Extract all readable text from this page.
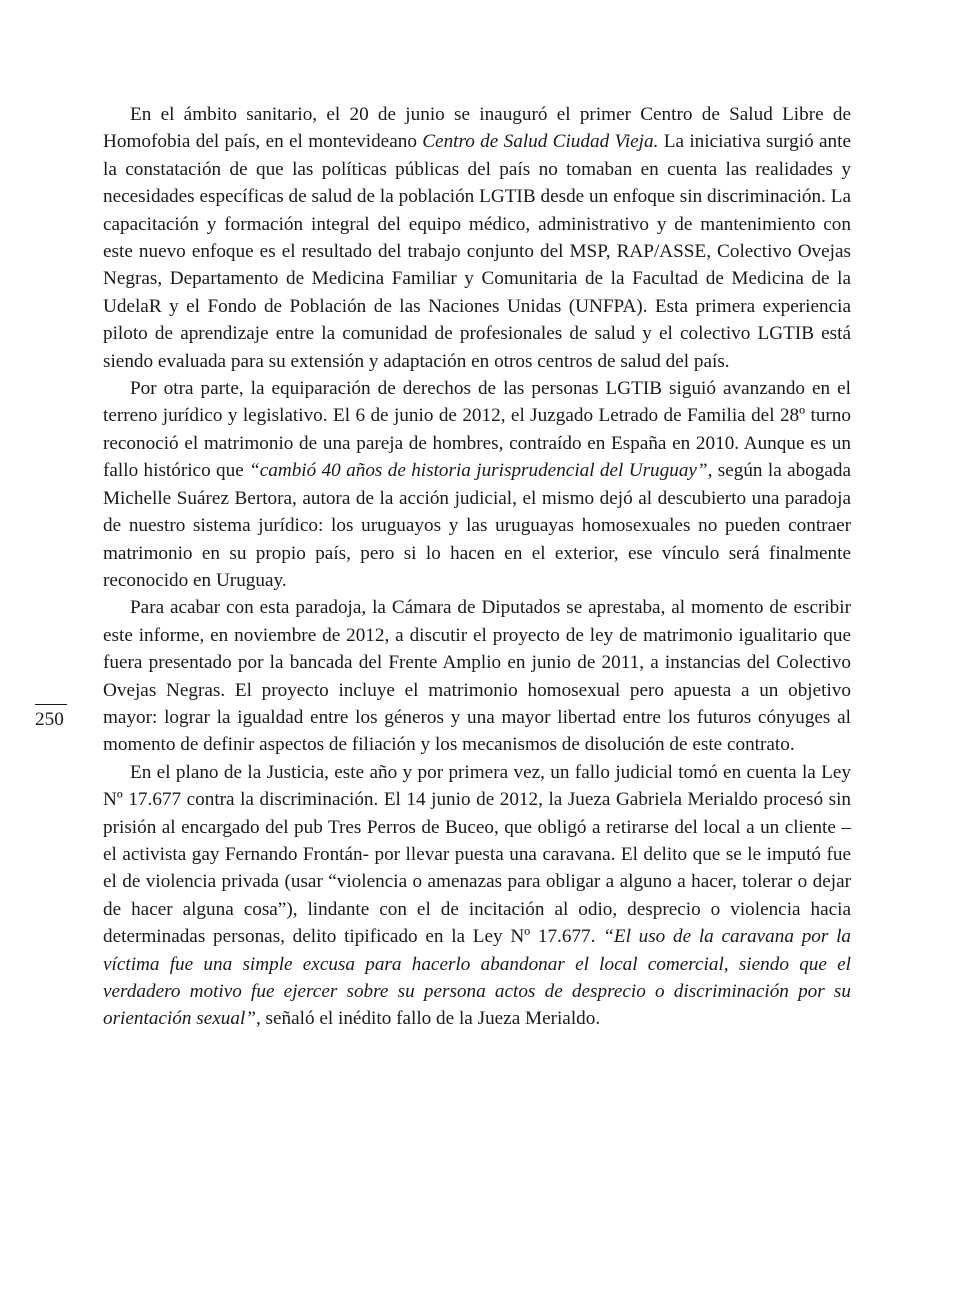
En el ámbito sanitario, el 20 de junio se inauguró el primer Centro de Salud Libre de Homofobia del país, en el montevideano Centro de Salud Ciudad Vieja. La iniciativa surgió ante la constatación de que las políticas públicas del país no tomaban en cuenta las realidades y necesidades específicas de salud de la población LGTIB desde un enfoque sin discriminación. La capacitación y formación integral del equipo médico, administrativo y de mantenimiento con este nuevo enfoque es el resultado del trabajo conjunto del MSP, RAP/ASSE, Colectivo Ovejas Negras, Departamento de Medicina Familiar y Comunitaria de la Facultad de Medicina de la UdelaR y el Fondo de Población de las Naciones Unidas (UNFPA). Esta primera experiencia piloto de aprendizaje entre la comunidad de profesionales de salud y el colectivo LGTIB está siendo evaluada para su extensión y adaptación en otros centros de salud del país.

Por otra parte, la equiparación de derechos de las personas LGTIB siguió avanzando en el terreno jurídico y legislativo. El 6 de junio de 2012, el Juzgado Letrado de Familia del 28º turno reconoció el matrimonio de una pareja de hombres, contraído en España en 2010. Aunque es un fallo histórico que “cambió 40 años de historia jurisprudencial del Uruguay”, según la abogada Michelle Suárez Bertora, autora de la acción judicial, el mismo dejó al descubierto una paradoja de nuestro sistema jurídico: los uruguayos y las uruguayas homosexuales no pueden contraer matrimonio en su propio país, pero si lo hacen en el exterior, ese vínculo será finalmente reconocido en Uruguay.

Para acabar con esta paradoja, la Cámara de Diputados se aprestaba, al momento de escribir este informe, en noviembre de 2012, a discutir el proyecto de ley de matrimonio igualitario que fuera presentado por la bancada del Frente Amplio en junio de 2011, a instancias del Colectivo Ovejas Negras. El proyecto incluye el matrimonio homosexual pero apuesta a un objetivo mayor: lograr la igualdad entre los géneros y una mayor libertad entre los futuros cónyuges al momento de definir aspectos de filiación y los mecanismos de disolución de este contrato.

En el plano de la Justicia, este año y por primera vez, un fallo judicial tomó en cuenta la Ley Nº 17.677 contra la discriminación. El 14 junio de 2012, la Jueza Gabriela Merialdo procesó sin prisión al encargado del pub Tres Perros de Buceo, que obligó a retirarse del local a un cliente –el activista gay Fernando Frontán- por llevar puesta una caravana. El delito que se le imputó fue el de violencia privada (usar “violencia o amenazas para obligar a alguno a hacer, tolerar o dejar de hacer alguna cosa”), lindante con el de incitación al odio, desprecio o violencia hacia determinadas personas, delito tipificado en la Ley Nº 17.677. “El uso de la caravana por la víctima fue una simple excusa para hacerlo abandonar el local comercial, siendo que el verdadero motivo fue ejercer sobre su persona actos de desprecio o discriminación por su orientación sexual”, señaló el inédito fallo de la Jueza Merialdo.

250
